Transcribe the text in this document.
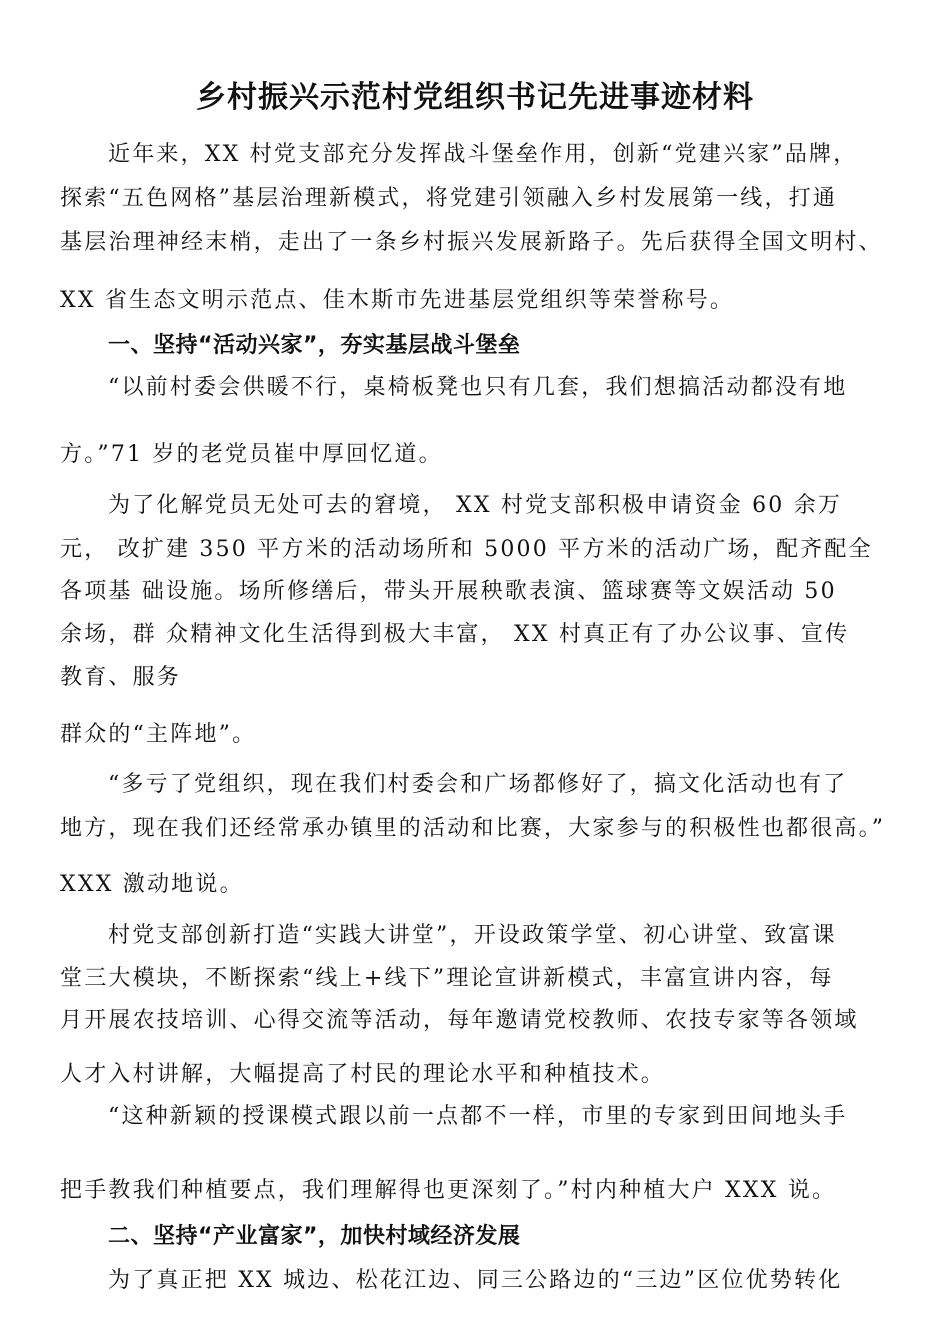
乡村振兴示范村党组织书记先进事迹材料
近年来，XX 村党支部充分发挥战斗堡垒作用，创新“党建兴家”品牌，
探索“五色网格”基层治理新模式，将党建引领融入乡村发展第一线，打通
基层治理神经末梢，走出了一条乡村振兴发展新路子。先后获得全国文明村、
XX 省生态文明示范点、佳木斯市先进基层党组织等荣誉称号。
一、坚持“活动兴家”，夯实基层战斗堡垒
“以前村委会供暖不行，桌椅板凳也只有几套，我们想搞活动都没有地
方。”71 岁的老党员崔中厚回忆道。
为了化解党员无处可去的窘境， XX 村党支部积极申请资金 60 余万
元， 改扩建 350 平方米的活动场所和 5000 平方米的活动广场，配齐配全
各项基 础设施。场所修缮后，带头开展秧歌表演、篮球赛等文娱活动 50
余场，群 众精神文化生活得到极大丰富， XX 村真正有了办公议事、宣传
教育、服务
群众的“主阵地”。
“多亏了党组织，现在我们村委会和广场都修好了，搞文化活动也有了
地方，现在我们还经常承办镇里的活动和比赛，大家参与的积极性也都很高。”
XXX 激动地说。
村党支部创新打造“实践大讲堂”，开设政策学堂、初心讲堂、致富课
堂三大模块，不断探索“线上+线下”理论宣讲新模式，丰富宣讲内容，每
月开展农技培训、心得交流等活动，每年邀请党校教师、农技专家等各领域
人才入村讲解，大幅提高了村民的理论水平和种植技术。
“这种新颖的授课模式跟以前一点都不一样，市里的专家到田间地头手
把手教我们种植要点，我们理解得也更深刻了。”村内种植大户 XXX 说。
二、坚持“产业富家”，加快村域经济发展
为了真正把 XX 城边、松花江边、同三公路边的“三边”区位优势转化
